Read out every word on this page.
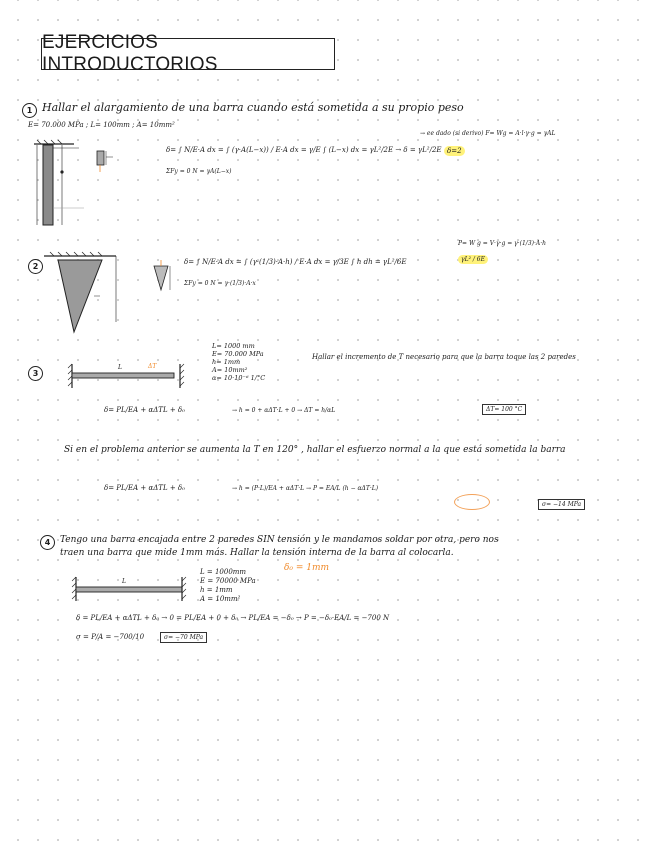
EJERCICIOS INTRODUCTORIOS
1 Hallar el alargamiento de una barra cuando está sometida a su propio peso
E= 70.000 MPa ; L= 100mm ; A= 10mm²
δ= ∫ N/E·A dx = ∫ (γ·A(L−x)) / E·A dx = γ/E ∫ (L−x) dx = γL²/2E → δ = γL²/2E
→ ee dado (si derivo) F= Wg = A·l·γ·g = γAL
ΣFy = 0 N = γA(L−x)
δ=2
2	δ= ∫ N/E·A dx = ∫ (γ·(1/3)·A·h) / E·A dx = γ/3E ∫ h dh = γL²/6E
P= W g = V·γ·g = γ·(1/3)·A·h
ΣFy = 0 N = γ·(1/3)·A·x
γL² / 6E
3
L	ΔT
L= 1000 mm
E= 70.000 MPa
h= 1mm
A= 10mm²
α= 10·10⁻⁶ 1/°C
Hallar el incremento de T necesario para que la barra toque las 2 paredes
δ= PL/EA + αΔTL + δ₀	→ h = 0 + αΔT·L + 0 → ΔT = h/αL	ΔT= 100 °C
Si en el problema anterior se aumenta la T en 120° , hallar el esfuerzo normal a la que está sometida la barra
δ= PL/EA + αΔTL + δ₀	→ h = (P·L)/EA + αΔT·L → P = EA/L (h − αΔT·L)
σ= −14 MPa
4	Tengo una barra encajada entre 2 paredes SIN tensión y le mandamos soldar por otra, pero nos
traen una barra que mide 1mm más. Hallar la tensión interna de la barra al colocarla.
L
L = 1000mm
E = 70000 MPa
h = 1mm
A = 10mm²
δ₀ = 1mm
δ = PL/EA + αΔTL + δ₀ → 0 = PL/EA + 0 + δ₀ → PL/EA = −δ₀ → P = −δ₀·EA/L = −700 N
σ = P/A = −700/10	σ= −70 MPa
